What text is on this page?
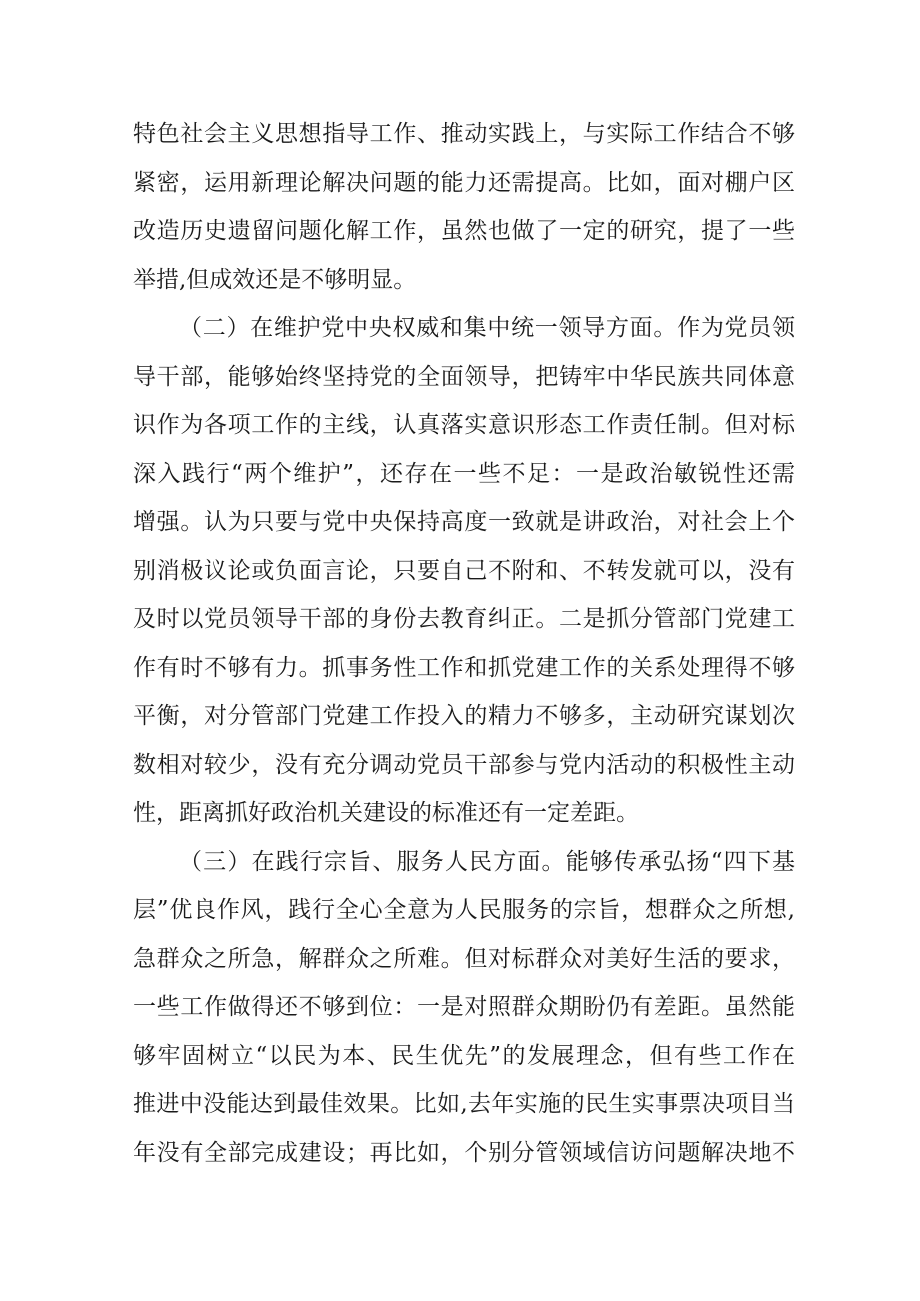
特色社会主义思想指导工作、推动实践上，与实际工作结合不够
紧密，运用新理论解决问题的能力还需提高。比如，面对棚户区
改造历史遗留问题化解工作，虽然也做了一定的研究，提了一些
举措,但成效还是不够明显。
（二）在维护党中央权威和集中统一领导方面。作为党员领
导干部，能够始终坚持党的全面领导，把铸牢中华民族共同体意
识作为各项工作的主线，认真落实意识形态工作责任制。但对标
深入践行“两个维护”，还存在一些不足：一是政治敏锐性还需
增强。认为只要与党中央保持高度一致就是讲政治，对社会上个
别消极议论或负面言论，只要自己不附和、不转发就可以，没有
及时以党员领导干部的身份去教育纠正。二是抓分管部门党建工
作有时不够有力。抓事务性工作和抓党建工作的关系处理得不够
平衡，对分管部门党建工作投入的精力不够多，主动研究谋划次
数相对较少，没有充分调动党员干部参与党内活动的积极性主动
性，距离抓好政治机关建设的标准还有一定差距。
（三）在践行宗旨、服务人民方面。能够传承弘扬“四下基
层”优良作风，践行全心全意为人民服务的宗旨，想群众之所想,
急群众之所急，解群众之所难。但对标群众对美好生活的要求，
一些工作做得还不够到位：一是对照群众期盼仍有差距。虽然能
够牢固树立“以民为本、民生优先”的发展理念，但有些工作在
推进中没能达到最佳效果。比如,去年实施的民生实事票决项目当
年没有全部完成建设；再比如，个别分管领域信访问题解决地不
